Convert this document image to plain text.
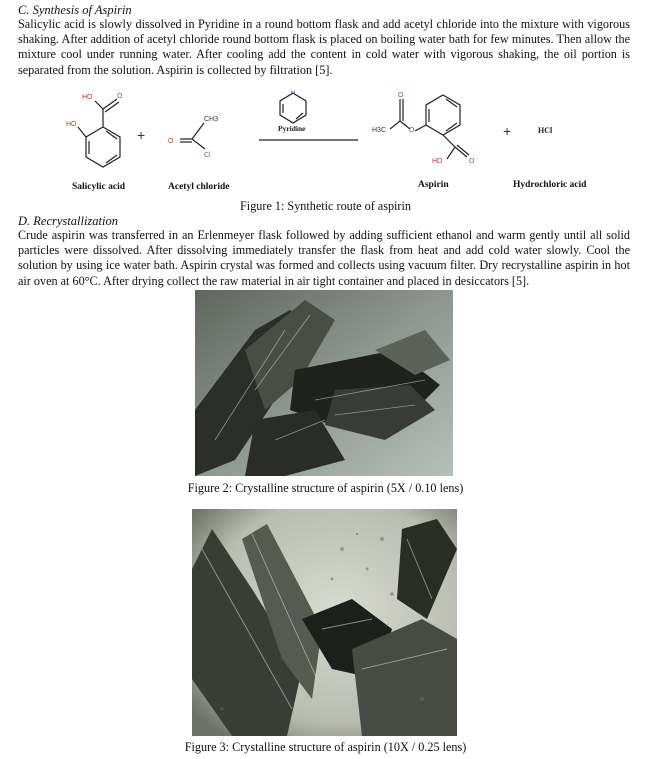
C. Synthesis of Aspirin
Salicylic acid is slowly dissolved in Pyridine in a round bottom flask and add acetyl chloride into the mixture with vigorous shaking. After addition of acetyl chloride round bottom flask is placed on boiling water bath for few minutes. Then allow the mixture cool under running water. After cooling add the content in cold water with vigorous shaking, the oil portion is separated from the solution. Aspirin is collected by filtration [5].
HO	O
HO
O
O
O
HO	O
CH3
H3C
Cl
N
+	+
Pyridine	HCl
Salicylic acid	Acetyl chloride	Aspirin	Hydrochloric acid
Figure 1: Synthetic route of aspirin
D. Recrystallization
Crude aspirin was transferred in an Erlenmeyer flask followed by adding sufficient ethanol and warm gently until all solid particles were dissolved. After dissolving immediately transfer the flask from heat and add cold water slowly. Cool the solution by using ice water bath. Aspirin crystal was formed and collects using vacuum filter. Dry recrystalline aspirin in hot air oven at 60°C. After drying collect the raw material in air tight container and placed in desiccators [5].
Figure 2: Crystalline structure of aspirin (5X / 0.10 lens)
Figure 3: Crystalline structure of aspirin (10X / 0.25 lens)
